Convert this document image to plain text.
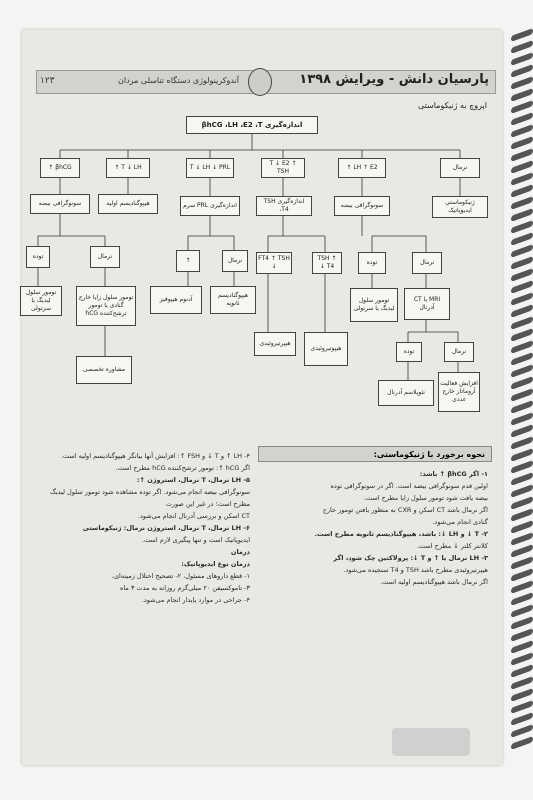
پارسیان دانش - ویرایش ۱۳۹۸
آندوکرینولوژی دستگاه تناسلی مردان
۱۲۳
اپروچ به ژنیکوماستی
اندازه‌گیری βhCG ،LH ،E2 ،T
βhCG ↑	T ↓ LH ↑	T ↓ LH ↓ PRL
T ↓ E2 ↑ TSH
LH ↑ E2 ↑	نرمال
سونوگرافی بیضه	هیپوگنادیسم اولیه	اندازه‌گیری PRL سرم
اندازه‌گیری TSH ،T4
سونوگرافی بیضه	ژنیکوماستی ایدیوپاتیک
توده	نرمال
↑	نرمال	FT4 ↑ TSH ↓
TSH ↑ T4 ↓
توده	نرمال
تومور سلول لیدیگ یا سرتولی
تومور سلول زایا خارج گنادی یا تومور ترشح‌کننده hCG
آدنوم هیپوفیز
هیپوگنادیسم ثانویه
هیپرتیروئیدی
هیپوتیروئیدی
تومور سلول لیدیگ یا سرتولی
MRI یا CT آدرنال
مشاوره تخصصی
توده	نرمال
نئوپلاسم آدرنال
افزایش فعالیت آروماتاز خارج غددی
۴- LH ↑ و T ↓ و FSH ↑: افزایش آنها بیانگر هیپوگنادیسم اولیه است.
اگر hCG ↑: تومور ترشح‌کننده hCG مطرح است.
۵- LH نرمال، T نرمال، استروژن ↑:
سونوگرافی بیضه انجام می‌شود. اگر توده مشاهده شود تومور سلول لیدیگ مطرح است؛ در غیر این صورت
CT اسکن و بررسی آدرنال انجام می‌شود.
۶- LH نرمال، T نرمال، استروژن نرمال: ژنیکوماستی
ایدیوپاتیک است و تنها پیگیری لازم است.
درمان
درمان نوع ایدیوپاتیک:
۱- قطع داروهای مسئول، ۲- تصحیح اختلال زمینه‌ای،
۳- تاموکسیفن ۲۰ میلی‌گرم روزانه به مدت ۳ ماه
۴- جراحی در موارد پایدار انجام می‌شود.
نحوه برخورد با ژنیکوماستی:
۱- اگر βhCG ↑ باشد:
اولین قدم سونوگرافی بیضه است. اگر در سونوگرافی توده
بیضه یافت شود تومور سلول زایا مطرح است.
اگر نرمال باشد CT اسکن و CXR به منظور یافتن تومور خارج
گنادی انجام می‌شود.
۲- T ↓ و LH ↓: باشد، هیپوگنادیسم ثانویه مطرح است.
کلانتر کلتر ↓ مطرح است.
۳- LH نرمال یا ↑ و T ↓: پرولاکتین چک شود، اگر
هیپرتیروئیدی مطرح باشد TSH و T4 سنجیده می‌شود.
اگر نرمال باشد هیپوگنادیسم اولیه است.
